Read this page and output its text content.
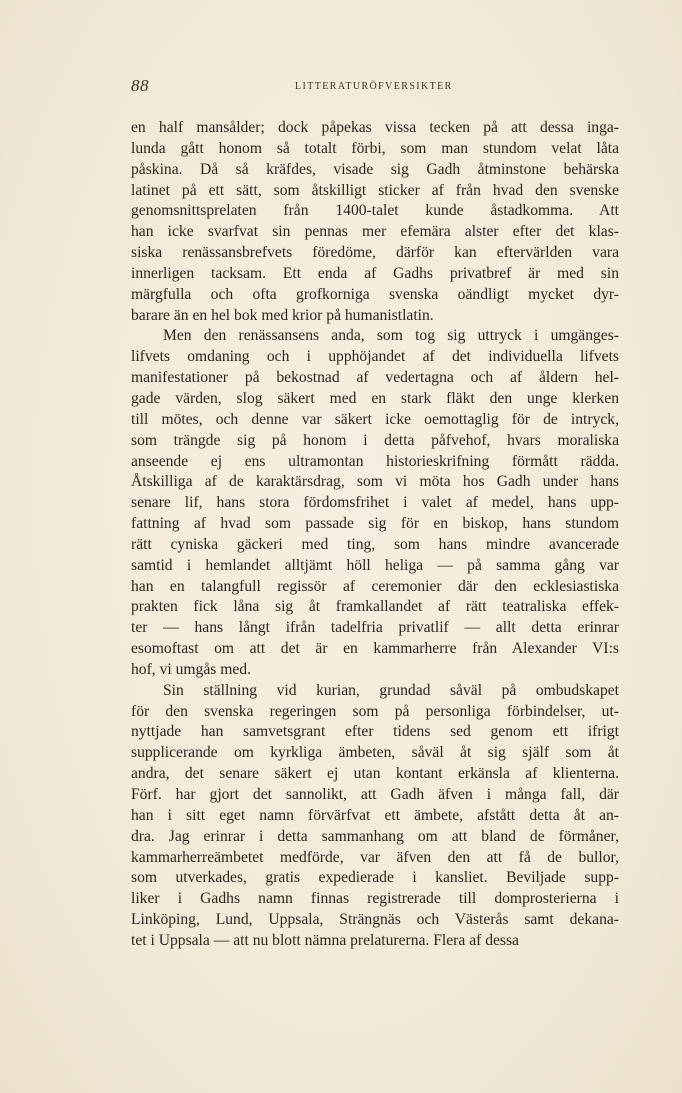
88	LITTERATURÖFVERSIKTER
en half mansålder; dock påpekas vissa tecken på att dessa inga-
lunda gått honom så totalt förbi, som man stundom velat låta
påskina. Då så kräfdes, visade sig Gadh åtminstone behärska
latinet på ett sätt, som åtskilligt sticker af från hvad den svenske
genomsnittsprelaten från 1400-talet kunde åstadkomma. Att
han icke svarfvat sin pennas mer efemära alster efter det klas-
siska renässansbrefvets föredöme, därför kan eftervärlden vara
innerligen tacksam. Ett enda af Gadhs privatbref är med sin
märgfulla och ofta grofkorniga svenska oändligt mycket dyr-
barare än en hel bok med krior på humanistlatin.
Men den renässansens anda, som tog sig uttryck i umgänges-
lifvets omdaning och i upphöjandet af det individuella lifvets
manifestationer på bekostnad af vedertagna och af åldern hel-
gade värden, slog säkert med en stark fläkt den unge klerken
till mötes, och denne var säkert icke oemottaglig för de intryck,
som trängde sig på honom i detta påfvehof, hvars moraliska
anseende ej ens ultramontan historieskrifning förmått rädda.
Åtskilliga af de karaktärsdrag, som vi möta hos Gadh under hans
senare lif, hans stora fördomsfrihet i valet af medel, hans upp-
fattning af hvad som passade sig för en biskop, hans stundom
rätt cyniska gäckeri med ting, som hans mindre avancerade
samtid i hemlandet alltjämt höll heliga — på samma gång var
han en talangfull regissör af ceremonier där den ecklesiastiska
prakten fick låna sig åt framkallandet af rätt teatraliska effek-
ter — hans långt ifrån tadelfria privatlif — allt detta erinrar
esomoftast om att det är en kammarherre från Alexander VI:s
hof, vi umgås med.
Sin ställning vid kurian, grundad såväl på ombudskapet
för den svenska regeringen som på personliga förbindelser, ut-
nyttjade han samvetsgrant efter tidens sed genom ett ifrigt
supplicerande om kyrkliga ämbeten, såväl åt sig själf som åt
andra, det senare säkert ej utan kontant erkänsla af klienterna.
Förf. har gjort det sannolikt, att Gadh äfven i många fall, där
han i sitt eget namn förvärfvat ett ämbete, afstått detta åt an-
dra. Jag erinrar i detta sammanhang om att bland de förmåner,
kammarherreämbetet medförde, var äfven den att få de bullor,
som utverkades, gratis expedierade i kansliet. Beviljade supp-
liker i Gadhs namn finnas registrerade till domprosterierna i
Linköping, Lund, Uppsala, Strängnäs och Västerås samt dekana-
tet i Uppsala — att nu blott nämna prelaturerna. Flera af dessa
